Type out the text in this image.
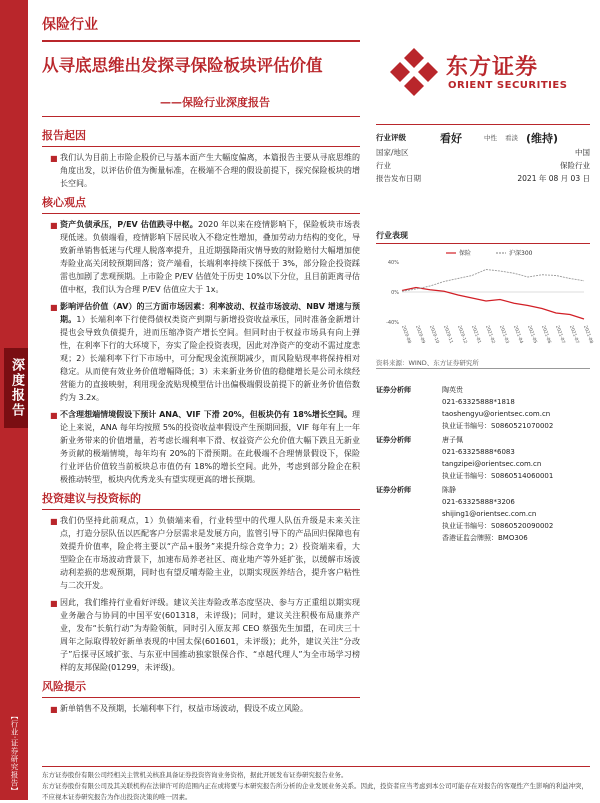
深度报告
【行业·证券研究报告】
保险行业
从寻底思维出发探寻保险板块评估价值
——保险行业深度报告
东方证券
ORIENT SECURITIES
报告起因
■ 我们认为目前上市险企股价已与基本面产生大幅度偏离，本篇报告主要从寻底思维的角度出发，以评估价值为衡量标准，在极端不合理的假设前提下，探究保险板块的增长空间。
核心观点
■ 资产负债承压，P/EV 估值跌寻中枢。2020 年以来在疫情影响下，保险板块市场表现低迷。负债端看，疫情影响下居民收入不稳定性增加，叠加劳动力结构的变化，导致新单销售低迷与代理人脱落率提升，且近期强降雨灾情导致的财险赔付大幅增加使寿险业高关闭较预期回落；资产端看，长端利率持续下探低于 3%，部分险企投资踩雷也加剧了悲观预期。上市险企 P/EV 估值处于历史 10%以下分位，且目前距离寻估值中枢，我们认为合理 P/EV 估值应大于 1x。
■ 影响评估价值（AV）的三方面市场因素：利率波动、权益市场波动、NBV 增速与预期。1）长端利率下行使得债权类资产到期与新增投资收益承压，同时准备金新增计提也会导致负债提升，进而压缩净资产增长空间。但同时由于权益市场具有向上弹性，在利率下行的大环境下，夯实了险企投资表现，因此对净资产的变动不需过度悲观；2）长端利率下行下市场中，可分配现金流预期减少，而风险贴现率将保持相对稳定。从而使有效业务价值增幅降低；3）未来新业务价值的稳健增长是公司永续经营能力的直接映射，利用现金流贴现模型估计出偏极端假设前提下的新业务价值倍数约为 3.2x。
■ 不含理想端情境假设下预计 ANA、VIF 下滑 20%，但板块仍有 18%增长空间。理论上来说，ANA 每年均按照 5%的投资收益率假设产生预期回报，VIF 每年有上一年新业务带来的价值增量，若考虑长端利率下滑、权益资产公允价值大幅下跌且无新业务贡献的极端情境，每年均有 20%的下滑预期。在此极端不合理情景假设下，保险行业评估价值较当前板块总市值仍有 18%的增长空间。此外，考虑到部分险企在积极推动转型，板块内优秀龙头有望实现更高的增长预期。
投资建议与投资标的
■ 我们仍坚持此前观点，1）负债端来看，行业转型中的代理人队伍升级是未来关注点，打造分层队伍以匹配客户分层需求是发展方向，监管引导下的产品回归保障也有效提升价值率，险企将主要以“产品+服务”来提升综合竞争力；2）投资端来看，大型险企在市场波动背景下，加速布局养老社区、商业地产等外延扩张，以缓解市场波动利差损的悲观预期，同时也有望反哺寿险主业，以期实现医养结合，提升客户粘性与二次开发。
■ 因此，我们维持行业看好评级。建议关注寿险改革态度坚决、参与方正重组以期实现业务融合与协同的中国平安(601318，未评级)；同时，建议关注积极布局康养产业，发布“长航行动”为寿险领航，同时引入原友邦 CEO 蔡强先生加盟，在司庆三十周年之际取得较好新单表现的中国太保(601601，未评级)；此外，建议关注“分改子”后探寻区域扩张、与东亚中国推动独家银保合作、“卓越代理人”为全市场学习榜样的友邦保险(01299，未评级)。
风险提示
■ 新单销售不及预期，长端利率下行，权益市场波动，假设不成立风险。
行业评级	看好	中性 看淡 (维持)
国家/地区	中国
行业	保险行业
报告发布日期	2021 年 08 月 03 日
行业表现
-40%
0%
40%
2020-08 2020-09 2020-10 2020-11 2020-12 2021-01 2021-02 2021-03 2021-04 2021-05 2021-06 2021-07 2021-07 2021-08
保险	沪深300
资料来源：WIND、东方证券研究所
证券分析师	陶英贵
021-63325888*1818
taoshengyu@orientsec.com.cn
执业证书编号：S0860521070002
证券分析师	唐子佩
021-63325888*6083
tangzipei@orientsec.com.cn
执业证书编号：S0860514060001
证券分析师	陈静
021-63325888*3206
shijing1@orientsec.com.cn
执业证书编号：S0860520090002
香港证监会牌照：BMO306
东方证券股份有限公司经相关主管机关核准具备证券投资咨询业务资格，据此开展发布证券研究报告业务。
东方证券股份有限公司及其关联机构在法律许可的范围内正在或将要与本研究报告所分析的企业发展业务关系。因此，投资者应当考虑到本公司可能存在对报告的客观性产生影响的利益冲突，不应视本证券研究报告为作出投资决策的唯一因素。
